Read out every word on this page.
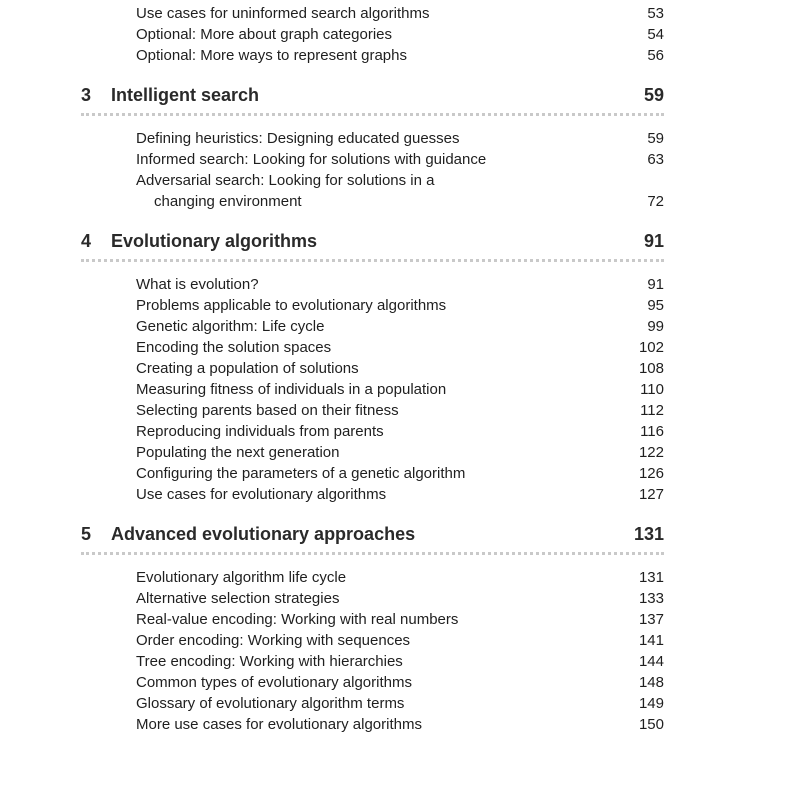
Use cases for uninformed search algorithms	53
Optional: More about graph categories	54
Optional: More ways to represent graphs	56
3 Intelligent search	59
Defining heuristics: Designing educated guesses	59
Informed search: Looking for solutions with guidance	63
Adversarial search: Looking for solutions in a
changing environment	72
4 Evolutionary algorithms	91
What is evolution?	91
Problems applicable to evolutionary algorithms	95
Genetic algorithm: Life cycle	99
Encoding the solution spaces	102
Creating a population of solutions	108
Measuring fitness of individuals in a population	110
Selecting parents based on their fitness	112
Reproducing individuals from parents	116
Populating the next generation	122
Configuring the parameters of a genetic algorithm	126
Use cases for evolutionary algorithms	127
5 Advanced evolutionary approaches	131
Evolutionary algorithm life cycle	131
Alternative selection strategies	133
Real-value encoding: Working with real numbers	137
Order encoding: Working with sequences	141
Tree encoding: Working with hierarchies	144
Common types of evolutionary algorithms	148
Glossary of evolutionary algorithm terms	149
More use cases for evolutionary algorithms	150
